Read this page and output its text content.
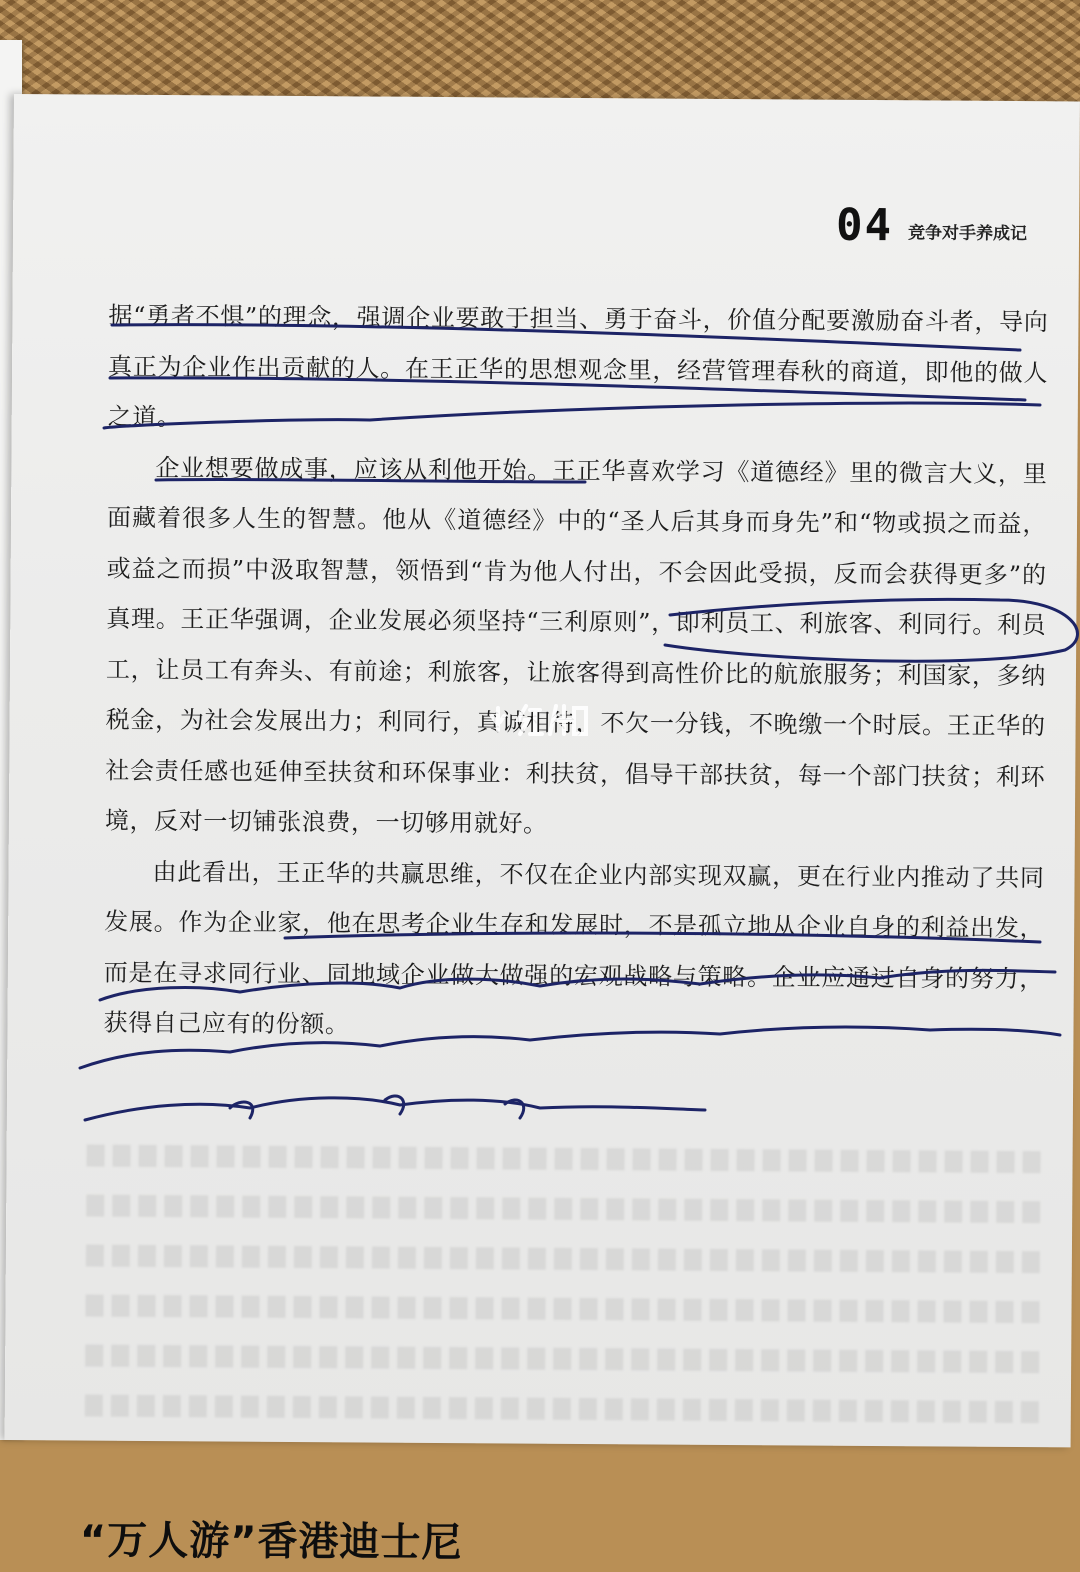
04 竞争对手养成记

据“勇者不惧”的理念，强调企业要敢于担当、勇于奋斗，价值分配要激励奋斗者，导向真正为企业作出贡献的人。在王正华的思想观念里，经营管理春秋的商道，即他的做人之道。

企业想要做成事，应该从利他开始。王正华喜欢学习《道德经》里的微言大义，里面藏着很多人生的智慧。他从《道德经》中的“圣人后其身而身先”和“物或损之而益，或益之而损”中汲取智慧，领悟到“肯为他人付出，不会因此受损，反而会获得更多”的真理。王正华强调，企业发展必须坚持“三利原则”，即利员工、利旅客、利同行。利员工，让员工有奔头、有前途；利旅客，让旅客得到高性价比的航旅服务；利国家，多纳税金，为社会发展出力；利同行，真诚相待，不欠一分钱，不晚缴一个时辰。王正华的社会责任感也延伸至扶贫和环保事业：利扶贫，倡导干部扶贫，每一个部门扶贫；利环境，反对一切铺张浪费，一切够用就好。

由此看出，王正华的共赢思维，不仅在企业内部实现双赢，更在行业内推动了共同发展。作为企业家，他在思考企业生存和发展时，不是孤立地从企业自身的利益出发，而是在寻求同行业、同地域企业做大做强的宏观战略与策略。企业应通过自身的努力，获得自己应有的份额。

“万人游”香港迪士尼
